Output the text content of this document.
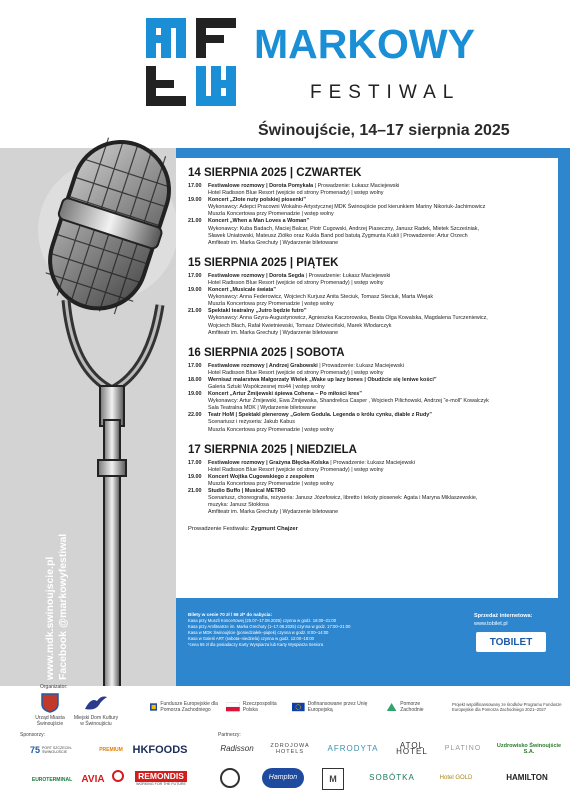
MARKOWY
FESTIWAL
Świnoujście, 14–17 sierpnia 2025
www.mdk.swinoujscie.pl Facebook @markowyfestiwal
14 SIERPNIA 2025 | CZWARTEK
17.00	Festiwalowe rozmowy | Dorota Pomykała | Prowadzenie: Łukasz Maciejewski
Hotel Radisson Blue Resort (wejście od strony Promenady) | wstęp wolny
19.00	Koncert „Złote nuty polskiej piosenki”
Wykonawcy: Adepci Pracowni Wokalno-Artystycznej MDK Świnoujście pod kierunkiem Mariny Nikoriuk-Jachimowicz
Muszla Koncertowa przy Promenadzie | wstęp wolny
21.00	Koncert „When a Man Loves a Woman”
Wykonawcy: Kuba Badach, Maciej Balcar, Piotr Cugowski, Andrzej Piaseczny, Janusz Radek, Mietek Szcześniak,
Sławek Uniatowski, Mateusz Ziółko oraz Kukla Band pod batutą Zygmunta Kukli | Prowadzenie: Artur Orzech
Amfiteatr im. Marka Grechuty | Wydarzenie biletowane
15 SIERPNIA 2025 | PIĄTEK
17.00	Festiwalowe rozmowy | Dorota Segda | Prowadzenie: Łukasz Maciejewski
Hotel Radisson Blue Resort (wejście od strony Promenady) | wstęp wolny
19.00	Koncert „Musicale świata”
Wykonawcy: Anna Federowicz, Wojciech Kurjusz Anita Steciuk, Tomasz Steciuk, Marta Wiejak
Muszla Koncertowa przy Promenadzie | wstęp wolny
21.00	Spektakl teatralny „Jutro będzie futro”
Wykonawcy: Anna Gzyra-Augustynowicz, Agnieszka Kaczorowska, Beata Olga Kowalska, Magdalena Turczeniewicz,
Wojciech Błach, Rafał Kwietniewski, Tomasz Oświeciński, Marek Włodarczyk
Amfiteatr im. Marka Grechuty | Wydarzenie biletowane
16 SIERPNIA 2025 | SOBOTA
17.00	Festiwalowe rozmowy | Andrzej Grabowski | Prowadzenie: Łukasz Maciejewski
Hotel Radisson Blue Resort (wejście od strony Promenady) | wstęp wolny
18.00	Wernisaż malarstwa Małgorzaty Wielek „Wake up lazy bones | Obudźcie się leniwe kości”
Galeria Sztuki Współczesnej ms44 | wstęp wolny
19.00	Koncert „Artur Żmijewski śpiewa Cohena – Po miłości kres”
Wykonawcy: Artur Żmijewski, Ewa Żmijewska, Shandrelica Casper , Wojciech Pilichowski, Andrzej “e-moll” Kowalczyk
Sala Teatralna MDK | Wydarzenie biletowane
22.00	Teatr HoM | Spektakl plenerowy „Golem Godula. Legenda o królu cynku, diable z Rudy”
Scenariusz i reżyseria: Jakub Kabus
Muszla Koncertowa przy Promenadzie | wstęp wolny
17 SIERPNIA 2025 | NIEDZIELA
17.00	Festiwalowe rozmowy | Grażyna Błęcka-Kolska | Prowadzenie: Łukasz Maciejewski
Hotel Radisson Blue Resort (wejście od strony Promenady) | wstęp wolny
19.00	Koncert Wojtka Cugowskiego z zespołem
Muszla Koncertowa przy Promenadzie | wstęp wolny
21.00	Studio Buffo | Musical METRO
Scenariusz, choreografia, reżyseria: Janusz Józefowicz, libretto i teksty piosenek: Agata i Maryna Miklaszewskie,
muzyka: Janusz Stokłosa
Amfiteatr im. Marka Grechuty | Wydarzenie biletowane
Prowadzenie Festiwalu: Zygmunt Chajzer
Bilety w cenie 70 zł / 56 zł* do nabycia:
Kasa przy Muszli Koncertowej (25.07–17.08.2025) czynna w godz. 16:00–21:00
Kasa przy Amfiteatrze im. Marka Grechuty (1–17.08.2025) czynna w godz. 17:00–21:00
Kasa w MDK Świnoujście (poniedziałek–piątek) czynna w godz. 8:00–14:00
Kasa w Galerii ART (sobota–niedziela) czynna w godz. 12:00–18:00
*cena 56 zł dla posiadaczy Karty Wyspiarza lub Karty Wyspiarza Seniora
Sprzedaż internetowa:
www.tobilet.pl
TOBILET
Organizator:
Urząd Miasta Świnoujście
Miejski Dom Kultury w Świnoujściu
Fundusze Europejskie dla Pomorza Zachodniego
Rzeczpospolita Polska
Dofinansowane przez Unię Europejską
Pomorze Zachodnie
Projekt współfinansowany ze środków Programu Fundusze Europejskie dla Pomorza Zachodniego 2021–2027
Sponsorzy:	Partnerzy:
75 PORT SZCZECIN-ŚWINOUJŚCIE	PREMIUM HKFOODS
EUROTERMINAL AVIA	REMONDIS
WORKING FOR THE FUTURE
Radisson	ZDROJOWA HOTELS	AFRODYTA	ATOL HOTEL	PLATINO	Uzdrowisko Świnoujście S.A.
Hampton	M	SOBÓTKA	Hotel GOLD	HAMILTON
